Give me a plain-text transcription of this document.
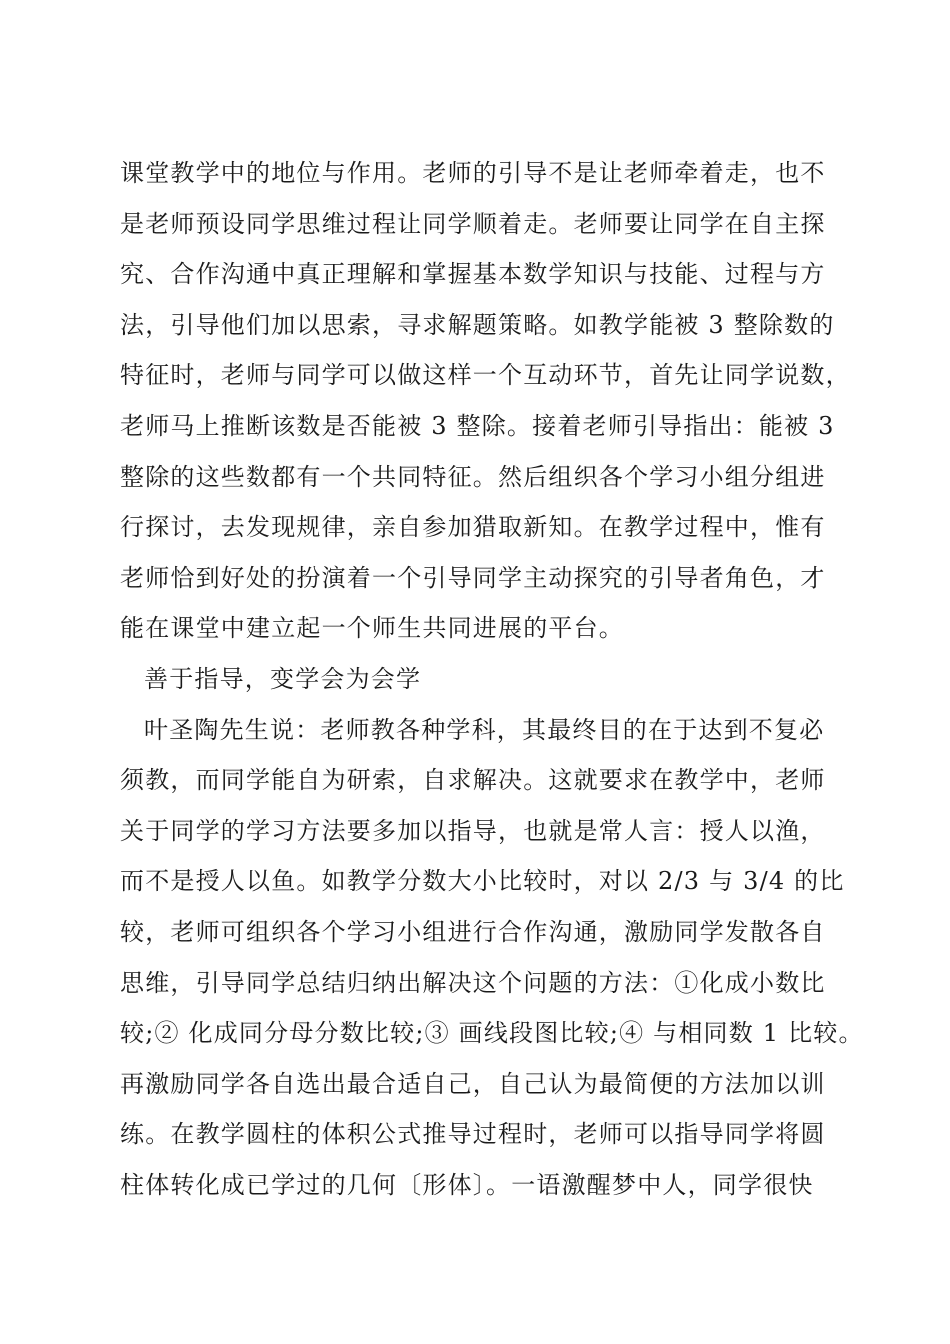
课堂教学中的地位与作用。老师的引导不是让老师牵着走，也不
是老师预设同学思维过程让同学顺着走。老师要让同学在自主探
究、合作沟通中真正理解和掌握基本数学知识与技能、过程与方
法，引导他们加以思索，寻求解题策略。如教学能被 3 整除数的
特征时，老师与同学可以做这样一个互动环节，首先让同学说数，
老师马上推断该数是否能被 3 整除。接着老师引导指出：能被 3
整除的这些数都有一个共同特征。然后组织各个学习小组分组进
行探讨，去发现规律，亲自参加猎取新知。在教学过程中，惟有
老师恰到好处的扮演着一个引导同学主动探究的引导者角色，才
能在课堂中建立起一个师生共同进展的平台。
善于指导，变学会为会学
叶圣陶先生说：老师教各种学科，其最终目的在于达到不复必
须教，而同学能自为研索，自求解决。这就要求在教学中，老师
关于同学的学习方法要多加以指导，也就是常人言：授人以渔，
而不是授人以鱼。如教学分数大小比较时，对以 2/3 与 3/4 的比
较，老师可组织各个学习小组进行合作沟通，激励同学发散各自
思维，引导同学总结归纳出解决这个问题的方法：①化成小数比
较;② 化成同分母分数比较;③ 画线段图比较;④ 与相同数 1 比较。
再激励同学各自选出最合适自己，自己认为最简便的方法加以训
练。在教学圆柱的体积公式推导过程时，老师可以指导同学将圆
柱体转化成已学过的几何〔形体〕。一语激醒梦中人，同学很快
